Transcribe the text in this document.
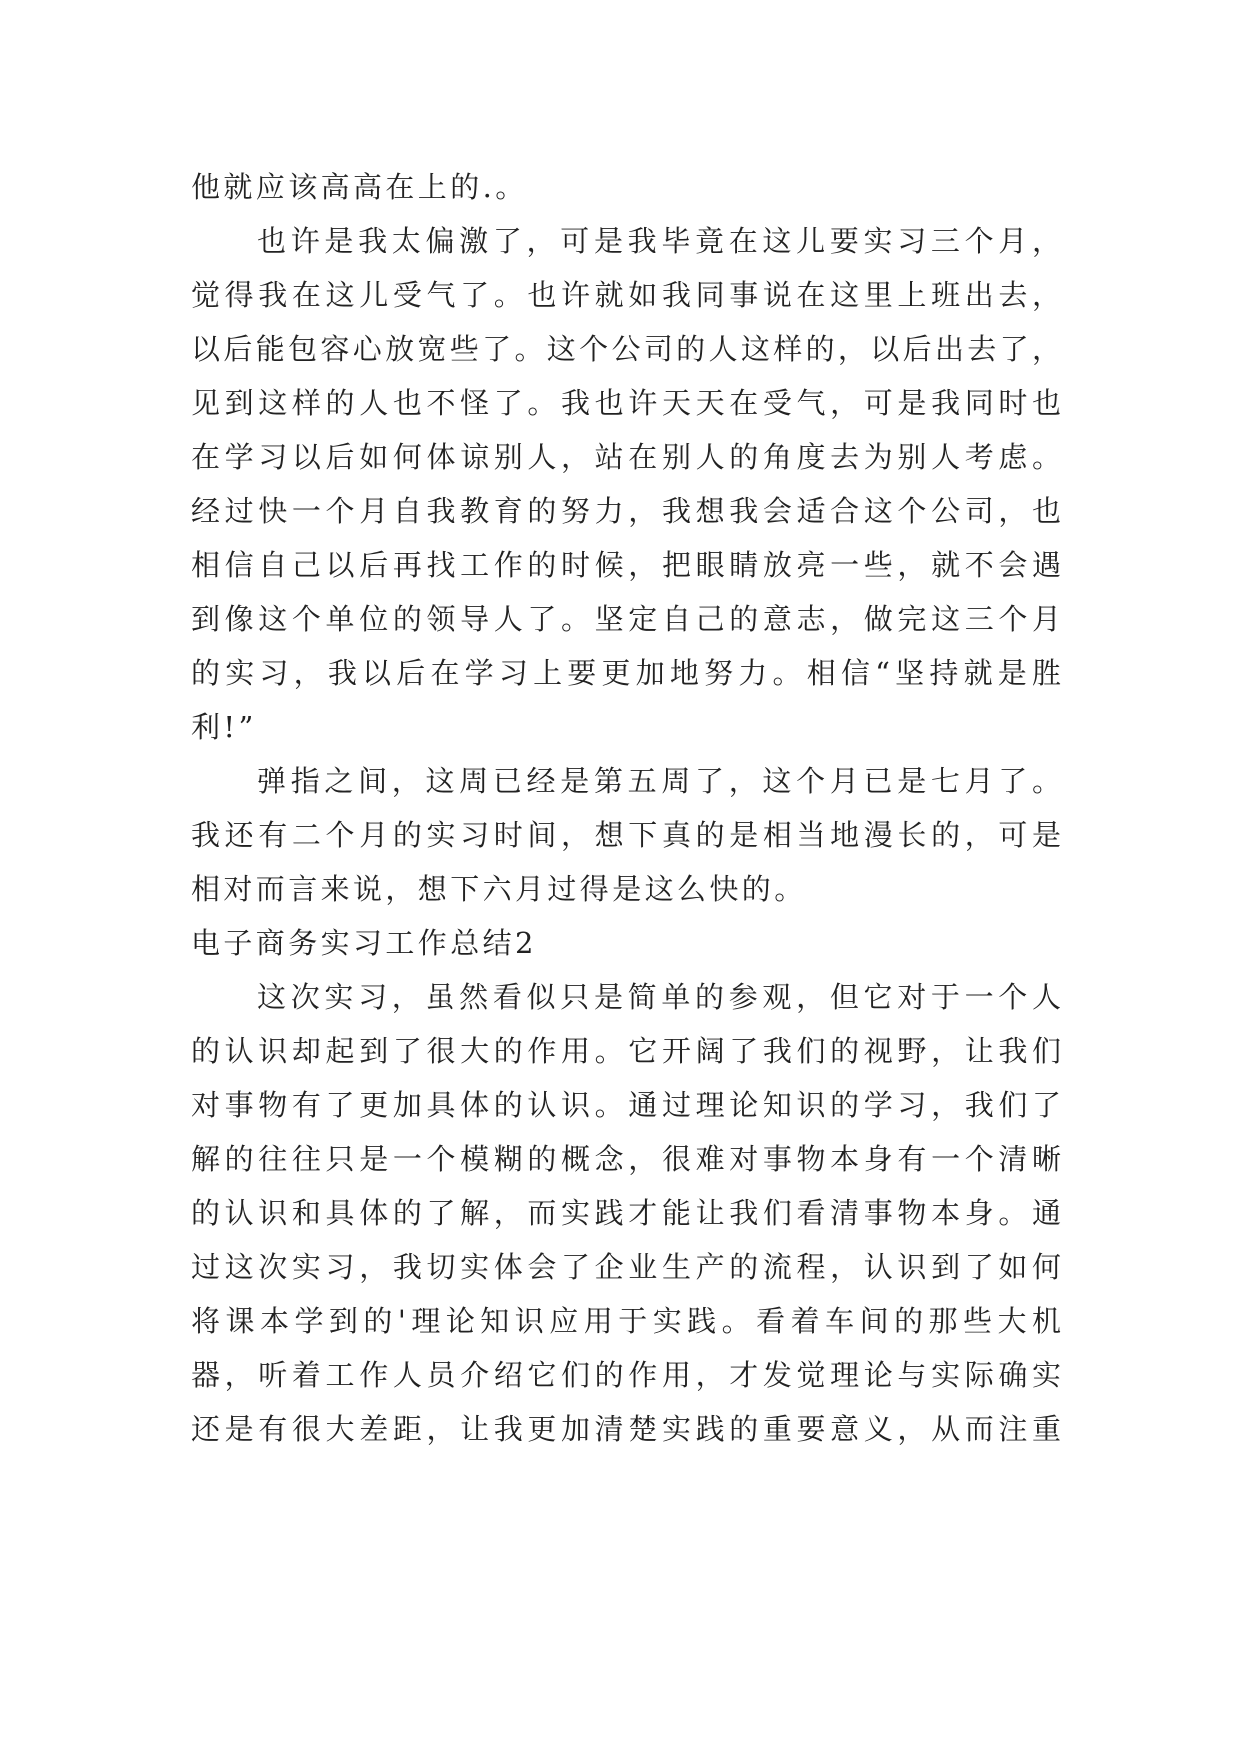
他就应该高高在上的.。
也许是我太偏激了，可是我毕竟在这儿要实习三个月，
觉得我在这儿受气了。也许就如我同事说在这里上班出去，
以后能包容心放宽些了。这个公司的人这样的，以后出去了，
见到这样的人也不怪了。我也许天天在受气，可是我同时也
在学习以后如何体谅别人，站在别人的角度去为别人考虑。
经过快一个月自我教育的努力，我想我会适合这个公司，也
相信自己以后再找工作的时候，把眼睛放亮一些，就不会遇
到像这个单位的领导人了。坚定自己的意志，做完这三个月
的实习，我以后在学习上要更加地努力。相信“坚持就是胜
利!”
弹指之间，这周已经是第五周了，这个月已是七月了。
我还有二个月的实习时间，想下真的是相当地漫长的，可是
相对而言来说，想下六月过得是这么快的。
电子商务实习工作总结2
这次实习，虽然看似只是简单的参观，但它对于一个人
的认识却起到了很大的作用。它开阔了我们的视野，让我们
对事物有了更加具体的认识。通过理论知识的学习，我们了
解的往往只是一个模糊的概念，很难对事物本身有一个清晰
的认识和具体的了解，而实践才能让我们看清事物本身。通
过这次实习，我切实体会了企业生产的流程，认识到了如何
将课本学到的'理论知识应用于实践。看着车间的那些大机
器，听着工作人员介绍它们的作用，才发觉理论与实际确实
还是有很大差距，让我更加清楚实践的重要意义，从而注重
